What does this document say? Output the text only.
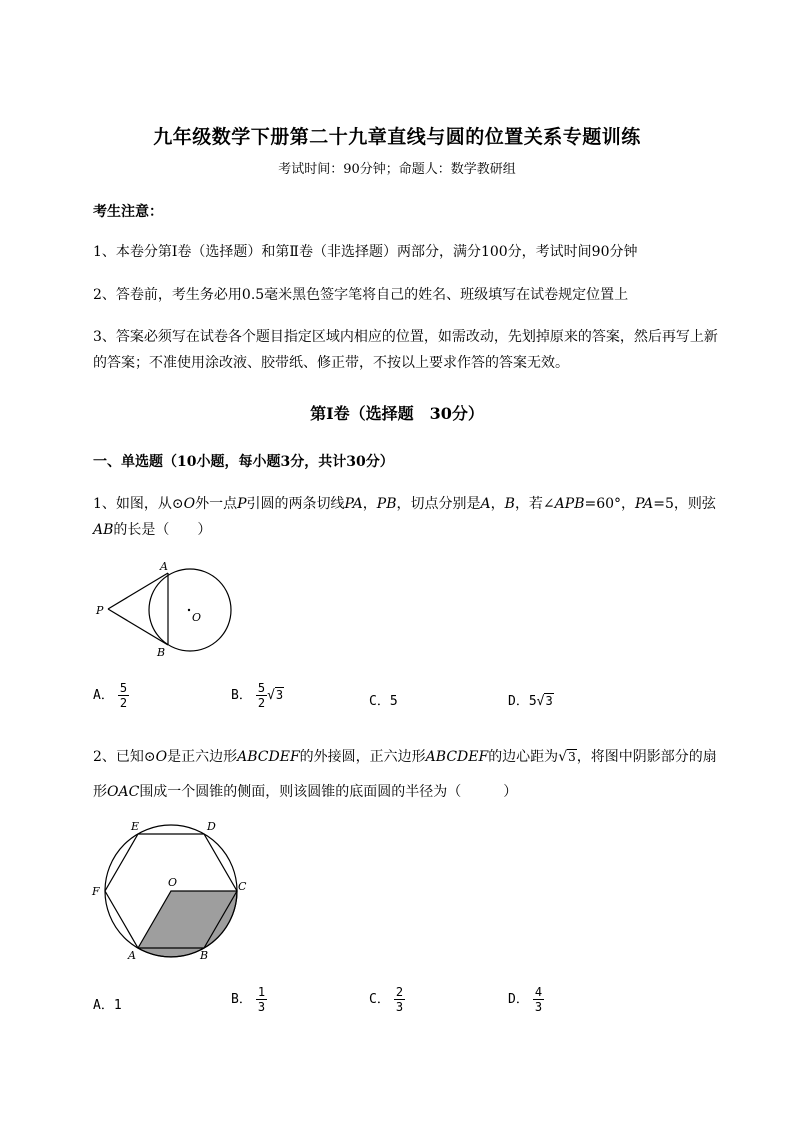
九年级数学下册第二十九章直线与圆的位置关系专题训练
考试时间：90分钟；命题人：数学教研组
考生注意：
1、本卷分第I卷（选择题）和第Ⅱ卷（非选择题）两部分，满分100分，考试时间90分钟
2、答卷前，考生务必用0.5毫米黑色签字笔将自己的姓名、班级填写在试卷规定位置上
3、答案必须写在试卷各个题目指定区域内相应的位置，如需改动，先划掉原来的答案，然后再写上新
的答案；不准使用涂改液、胶带纸、修正带，不按以上要求作答的答案无效。
第I卷（选择题　30分）
一、单选题（10小题，每小题3分，共计30分）
1、如图，从⊙O外一点P引圆的两条切线PA，PB，切点分别是A，B，若∠APB=60°，PA=5，则弦
AB的长是（　　）
A
B
P
O
A． $\frac{5}{2}$	B． $\frac{5}{2} √3$	C．5	D．5√3
2、已知⊙O是正六边形ABCDEF的外接圆，正六边形ABCDEF的边心距为√3，将图中阴影部分的扇
形OAC围成一个圆锥的侧面，则该圆锥的底面圆的半径为（　　　）
E	D
F
O	C
A	B
A．1	B． $\frac{1}{3}$	C． $\frac{2}{3}$	D． $\frac{4}{3}$
